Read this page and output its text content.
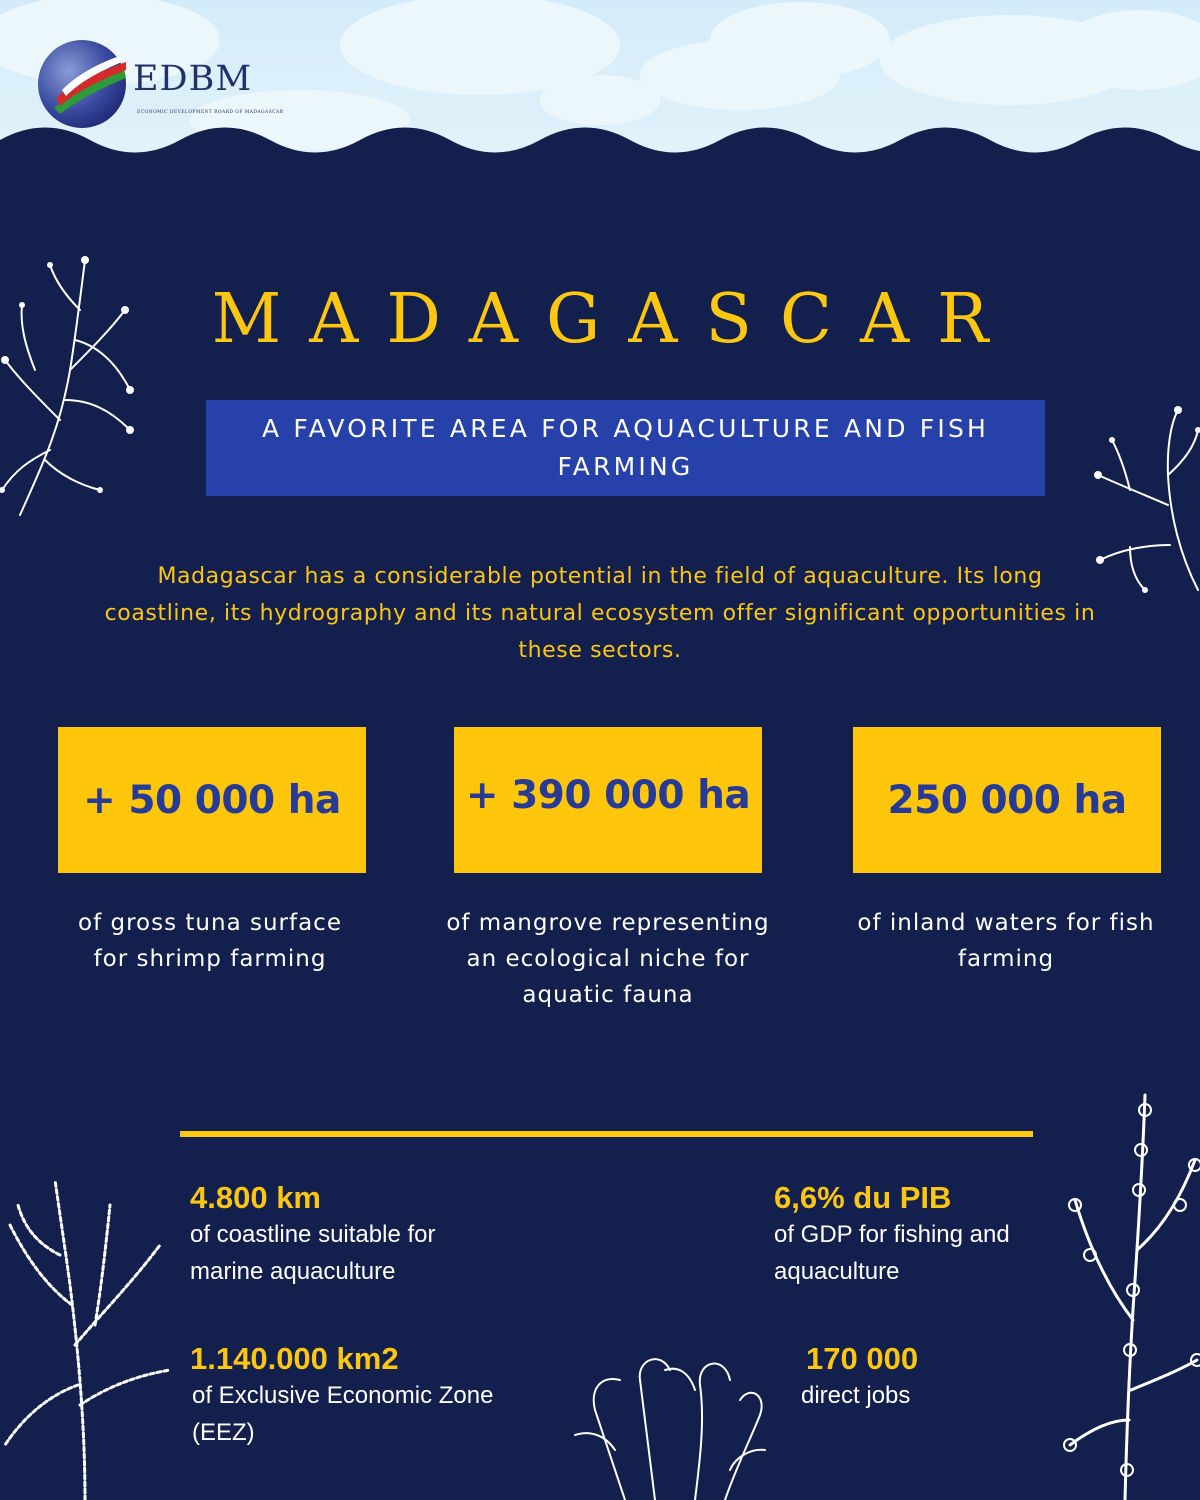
EDBM
ECONOMIC DEVELOPMENT BOARD OF MADAGASCAR
MADAGASCAR
A FAVORITE AREA FOR AQUACULTURE AND FISH FARMING
Madagascar has a considerable potential in the field of aquaculture. Its long coastline, its hydrography and its natural ecosystem offer significant opportunities in these sectors.
+ 50 000 ha	+ 390 000 ha	250 000 ha
of gross tuna surface for shrimp farming
of mangrove representing an ecological niche for aquatic fauna
of inland waters for fish farming
4.800 km
of coastline suitable for marine aquaculture
6,6% du PIB
of GDP for fishing and aquaculture
1.140.000 km2
of Exclusive Economic Zone (EEZ)
170 000
direct jobs
